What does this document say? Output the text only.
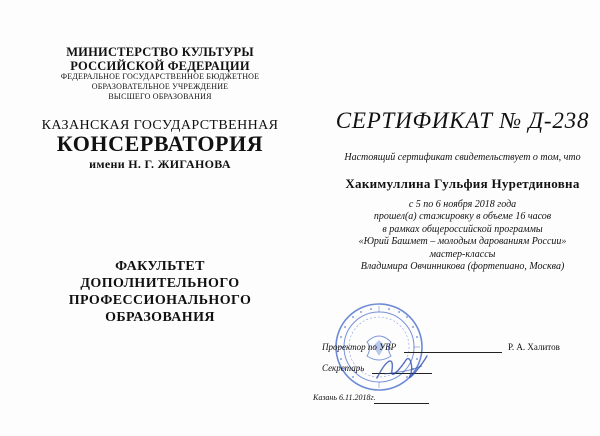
МИНИСТЕРСТВО КУЛЬТУРЫ
РОССИЙСКОЙ ФЕДЕРАЦИИ
ФЕДЕРАЛЬНОЕ ГОСУДАРСТВЕННОЕ БЮДЖЕТНОЕ
ОБРАЗОВАТЕЛЬНОЕ УЧРЕЖДЕНИЕ
ВЫСШЕГО ОБРАЗОВАНИЯ
КАЗАНСКАЯ ГОСУДАРСТВЕННАЯ
КОНСЕРВАТОРИЯ
имени Н. Г. ЖИГАНОВА
ФАКУЛЬТЕТ
ДОПОЛНИТЕЛЬНОГО
ПРОФЕССИОНАЛЬНОГО
ОБРАЗОВАНИЯ
СЕРТИФИКАТ № Д-238
Настоящий сертификат свидетельствует о том, что
Хакимуллина Гульфия Нуретдиновна
с 5 по 6 ноября 2018 года
прошел(а) стажировку в объеме 16 часов
в рамках общероссийской программы
«Юрий Башмет – молодым дарованиям России»
мастер-классы
Владимира Овчинникова (фортепиано, Москва)
Проректор по УВР	Р. А. Халитов
Секретарь
Казань 6.11.2018г.
